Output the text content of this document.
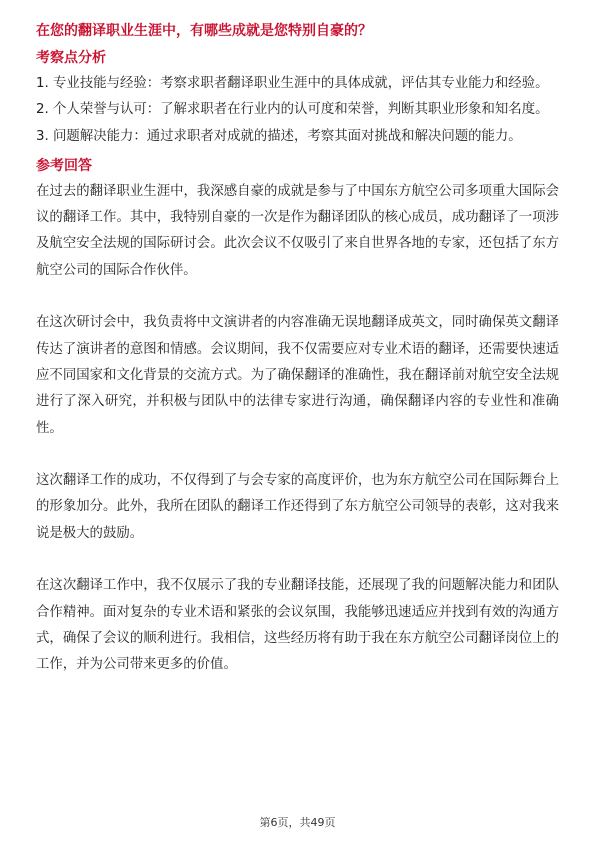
在您的翻译职业生涯中，有哪些成就是您特别自豪的？
考察点分析

1. 专业技能与经验：考察求职者翻译职业生涯中的具体成就，评估其专业能力和经验。

2. 个人荣誉与认可：了解求职者在行业内的认可度和荣誉，判断其职业形象和知名度。

3. 问题解决能力：通过求职者对成就的描述，考察其面对挑战和解决问题的能力。

参考回答

在过去的翻译职业生涯中，我深感自豪的成就是参与了中国东方航空公司多项重大国际会议的翻译工作。其中，我特别自豪的一次是作为翻译团队的核心成员，成功翻译了一项涉及航空安全法规的国际研讨会。此次会议不仅吸引了来自世界各地的专家，还包括了东方航空公司的国际合作伙伴。

在这次研讨会中，我负责将中文演讲者的内容准确无误地翻译成英文，同时确保英文翻译传达了演讲者的意图和情感。会议期间，我不仅需要应对专业术语的翻译，还需要快速适应不同国家和文化背景的交流方式。为了确保翻译的准确性，我在翻译前对航空安全法规进行了深入研究，并积极与团队中的法律专家进行沟通，确保翻译内容的专业性和准确性。

这次翻译工作的成功，不仅得到了与会专家的高度评价，也为东方航空公司在国际舞台上的形象加分。此外，我所在团队的翻译工作还得到了东方航空公司领导的表彰，这对我来说是极大的鼓励。

在这次翻译工作中，我不仅展示了我的专业翻译技能，还展现了我的问题解决能力和团队合作精神。面对复杂的专业术语和紧张的会议氛围，我能够迅速适应并找到有效的沟通方式，确保了会议的顺利进行。我相信，这些经历将有助于我在东方航空公司翻译岗位上的工作，并为公司带来更多的价值。

第6页，共49页
